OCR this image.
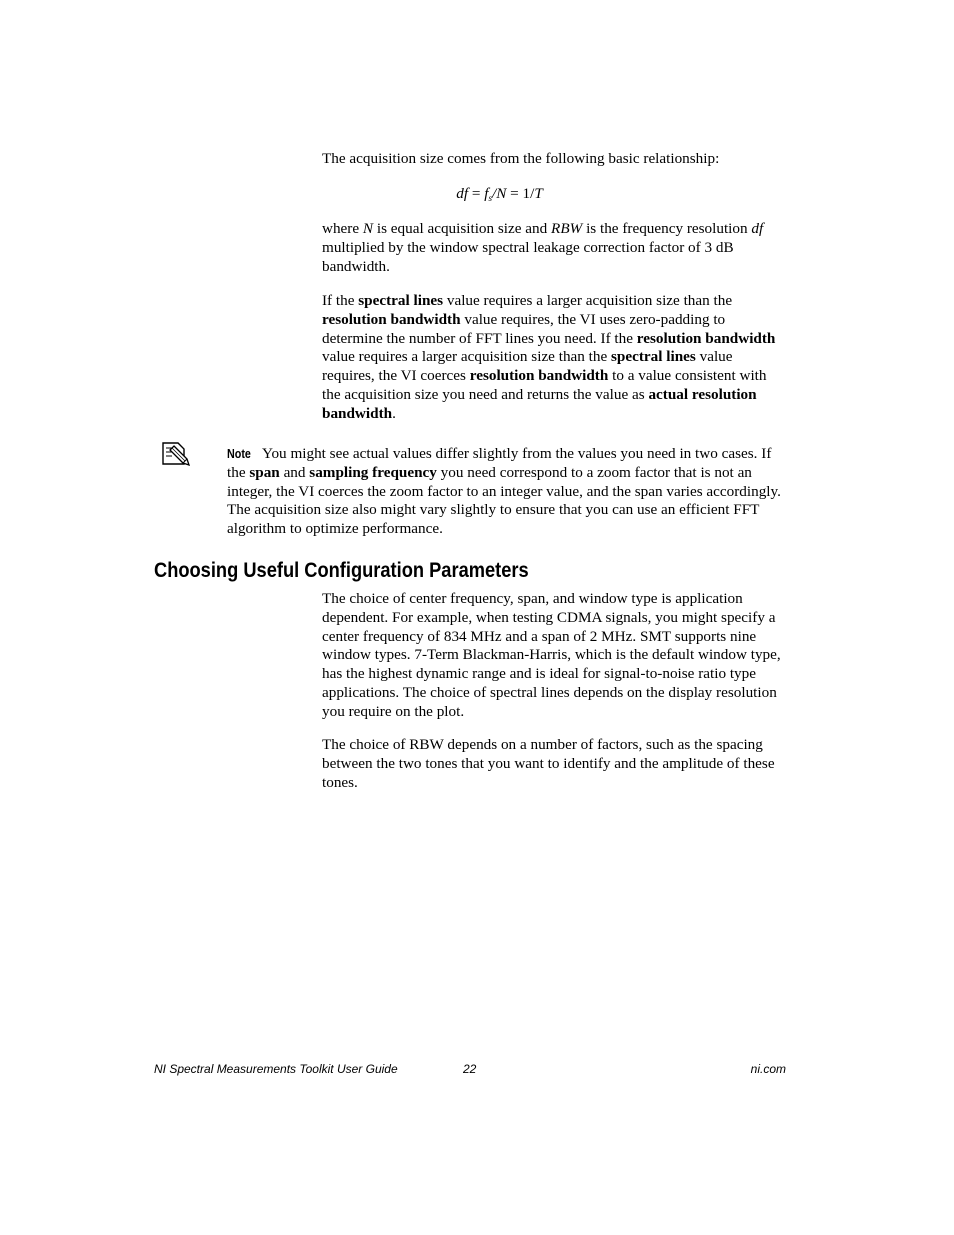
The acquisition size comes from the following basic relationship:

df = $f_s/N = 1/T$

where N is equal acquisition size and RBW is the frequency resolution df multiplied by the window spectral leakage correction factor of 3 dB bandwidth.

If the spectral lines value requires a larger acquisition size than the resolution bandwidth value requires, the VI uses zero-padding to determine the number of FFT lines you need. If the resolution bandwidth value requires a larger acquisition size than the spectral lines value requires, the VI coerces resolution bandwidth to a value consistent with the acquisition size you need and returns the value as actual resolution bandwidth.

Note You might see actual values differ slightly from the values you need in two cases. If the span and sampling frequency you need correspond to a zoom factor that is not an integer, the VI coerces the zoom factor to an integer value, and the span varies accordingly. The acquisition size also might vary slightly to ensure that you can use an efficient FFT algorithm to optimize performance.
Choosing Useful Configuration Parameters

The choice of center frequency, span, and window type is application dependent. For example, when testing CDMA signals, you might specify a center frequency of 834 MHz and a span of 2 MHz. SMT supports nine window types. 7-Term Blackman-Harris, which is the default window type, has the highest dynamic range and is ideal for signal-to-noise ratio type applications. The choice of spectral lines depends on the display resolution you require on the plot.

The choice of RBW depends on a number of factors, such as the spacing between the two tones that you want to identify and the amplitude of these tones.

NI Spectral Measurements Toolkit User Guide	22	ni.com
